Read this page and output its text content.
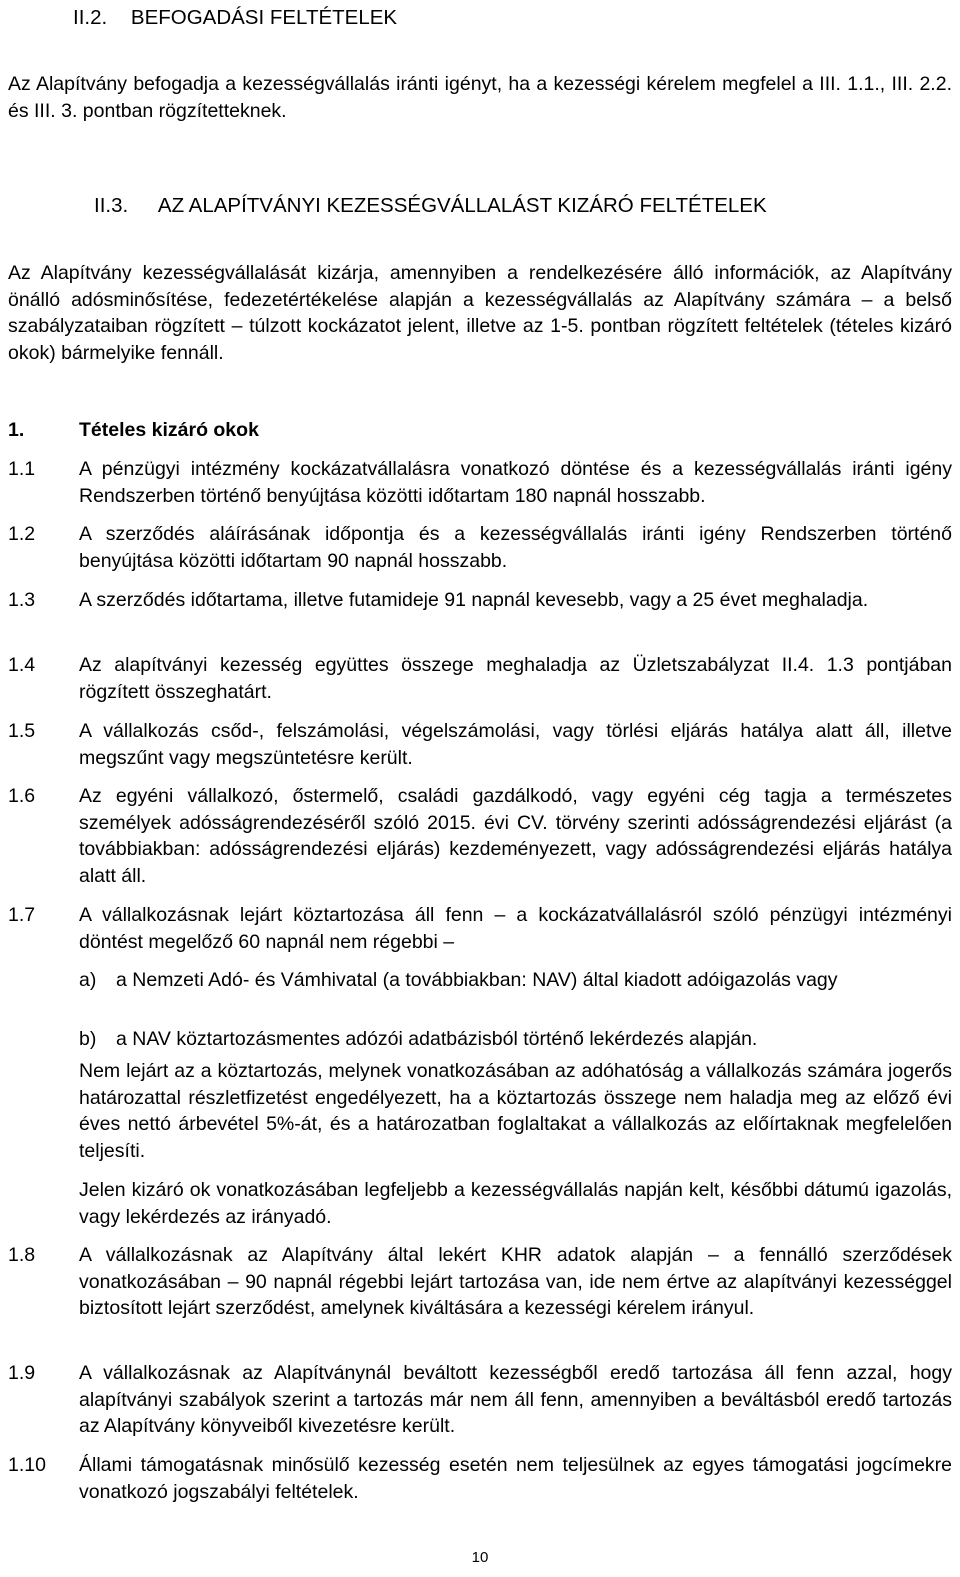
II.2. BEFOGADÁSI FELTÉTELEK
Az Alapítvány befogadja a kezességvállalás iránti igényt, ha a kezességi kérelem megfelel a III. 1.1., III. 2.2. és III. 3. pontban rögzítetteknek.
II.3. AZ ALAPÍTVÁNYI KEZESSÉGVÁLLALÁST KIZÁRÓ FELTÉTELEK
Az Alapítvány kezességvállalását kizárja, amennyiben a rendelkezésére álló információk, az Alapítvány önálló adósminősítése, fedezetértékelése alapján a kezességvállalás az Alapítvány számára – a belső szabályzataiban rögzített – túlzott kockázatot jelent, illetve az 1-5. pontban rögzített feltételek (tételes kizáró okok) bármelyike fennáll.
1.	Tételes kizáró okok
1.1 A pénzügyi intézmény kockázatvállalásra vonatkozó döntése és a kezességvállalás iránti igény Rendszerben történő benyújtása közötti időtartam 180 napnál hosszabb.
1.2 A szerződés aláírásának időpontja és a kezességvállalás iránti igény Rendszerben történő benyújtása közötti időtartam 90 napnál hosszabb.
1.3 A szerződés időtartama, illetve futamideje 91 napnál kevesebb, vagy a 25 évet meghaladja.
1.4 Az alapítványi kezesség együttes összege meghaladja az Üzletszabályzat II.4. 1.3 pontjában rögzített összeghatárt.
1.5 A vállalkozás csőd-, felszámolási, végelszámolási, vagy törlési eljárás hatálya alatt áll, illetve megszűnt vagy megszüntetésre került.
1.6 Az egyéni vállalkozó, őstermelő, családi gazdálkodó, vagy egyéni cég tagja a természetes személyek adósságrendezéséről szóló 2015. évi CV. törvény szerinti adósságrendezési eljárást (a továbbiakban: adósságrendezési eljárás) kezdeményezett, vagy adósságrendezési eljárás hatálya alatt áll.
1.7 A vállalkozásnak lejárt köztartozása áll fenn – a kockázatvállalásról szóló pénzügyi intézményi döntést megelőző 60 napnál nem régebbi –
a) a Nemzeti Adó- és Vámhivatal (a továbbiakban: NAV) által kiadott adóigazolás vagy
b) a NAV köztartozásmentes adózói adatbázisból történő lekérdezés alapján.
Nem lejárt az a köztartozás, melynek vonatkozásában az adóhatóság a vállalkozás számára jogerős határozattal részletfizetést engedélyezett, ha a köztartozás összege nem haladja meg az előző évi éves nettó árbevétel 5%-át, és a határozatban foglaltakat a vállalkozás az előírtaknak megfelelően teljesíti.
Jelen kizáró ok vonatkozásában legfeljebb a kezességvállalás napján kelt, későbbi dátumú igazolás, vagy lekérdezés az irányadó.
1.8 A vállalkozásnak az Alapítvány által lekért KHR adatok alapján – a fennálló szerződések vonatkozásában – 90 napnál régebbi lejárt tartozása van, ide nem értve az alapítványi kezességgel biztosított lejárt szerződést, amelynek kiváltására a kezességi kérelem irányul.
1.9 A vállalkozásnak az Alapítványnál beváltott kezességből eredő tartozása áll fenn azzal, hogy alapítványi szabályok szerint a tartozás már nem áll fenn, amennyiben a beváltásból eredő tartozás az Alapítvány könyveiből kivezetésre került.
1.10 Állami támogatásnak minősülő kezesség esetén nem teljesülnek az egyes támogatási jogcímekre vonatkozó jogszabályi feltételek.
10
